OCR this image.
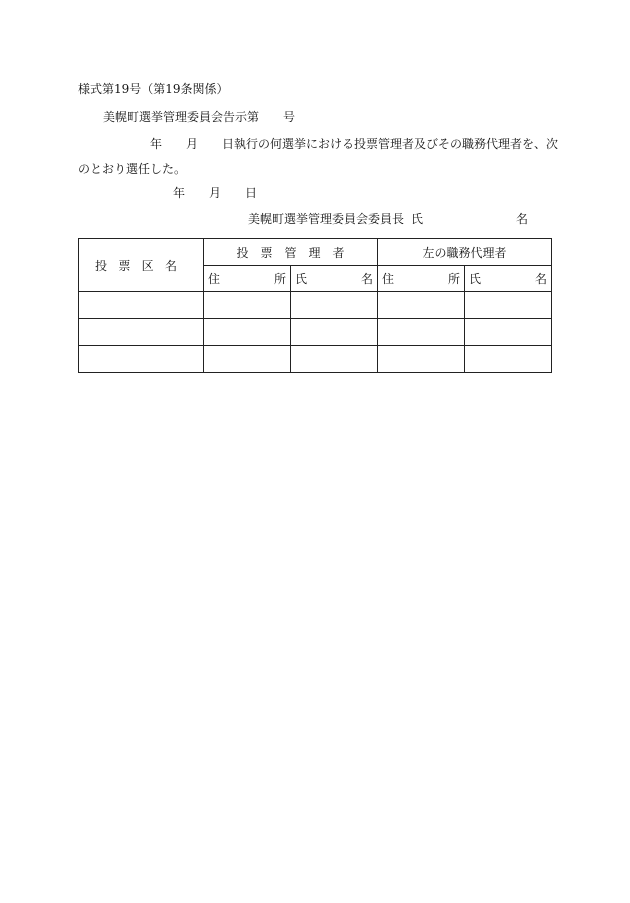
様式第19号（第19条関係）
美幌町選挙管理委員会告示第　　号
年　　月　　日執行の何選挙における投票管理者及びその職務代理者を、次
のとおり選任した。
年　　月　　日
美幌町選挙管理委員会委員長 氏	名
投 票 区 名	投　票　管　理　者		左の職務代理者	

	住 所	氏 名	住 所	氏 名
